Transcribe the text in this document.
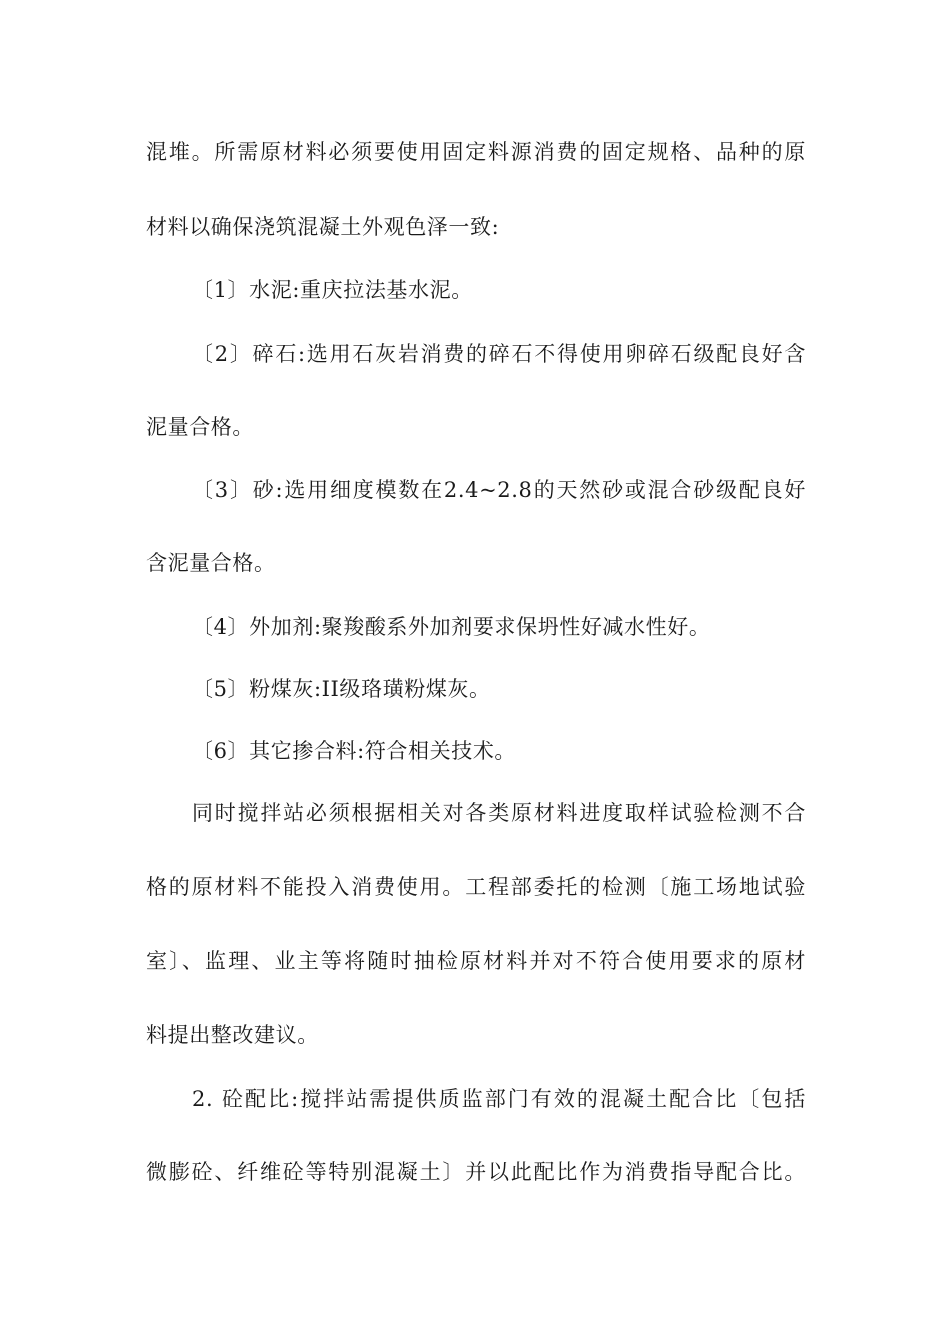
混堆。所需原材料必须要使用固定料源消费的固定规格、品种的原
材料以确保浇筑混凝土外观色泽一致:
〔1〕水泥:重庆拉法基水泥。
〔2〕碎石:选用石灰岩消费的碎石不得使用卵碎石级配良好含
泥量合格。
〔3〕砂:选用细度模数在2.4~2.8的天然砂或混合砂级配良好
含泥量合格。
〔4〕外加剂:聚羧酸系外加剂要求保坍性好减水性好。
〔5〕粉煤灰:II级珞璜粉煤灰。
〔6〕其它掺合料:符合相关技术。
同时搅拌站必须根据相关对各类原材料进度取样试验检测不合
格的原材料不能投入消费使用。工程部委托的检测〔施工场地试验
室〕、监理、业主等将随时抽检原材料并对不符合使用要求的原材
料提出整改建议。
2. 砼配比:搅拌站需提供质监部门有效的混凝土配合比〔包括
微膨砼、纤维砼等特别混凝土〕并以此配比作为消费指导配合比。
